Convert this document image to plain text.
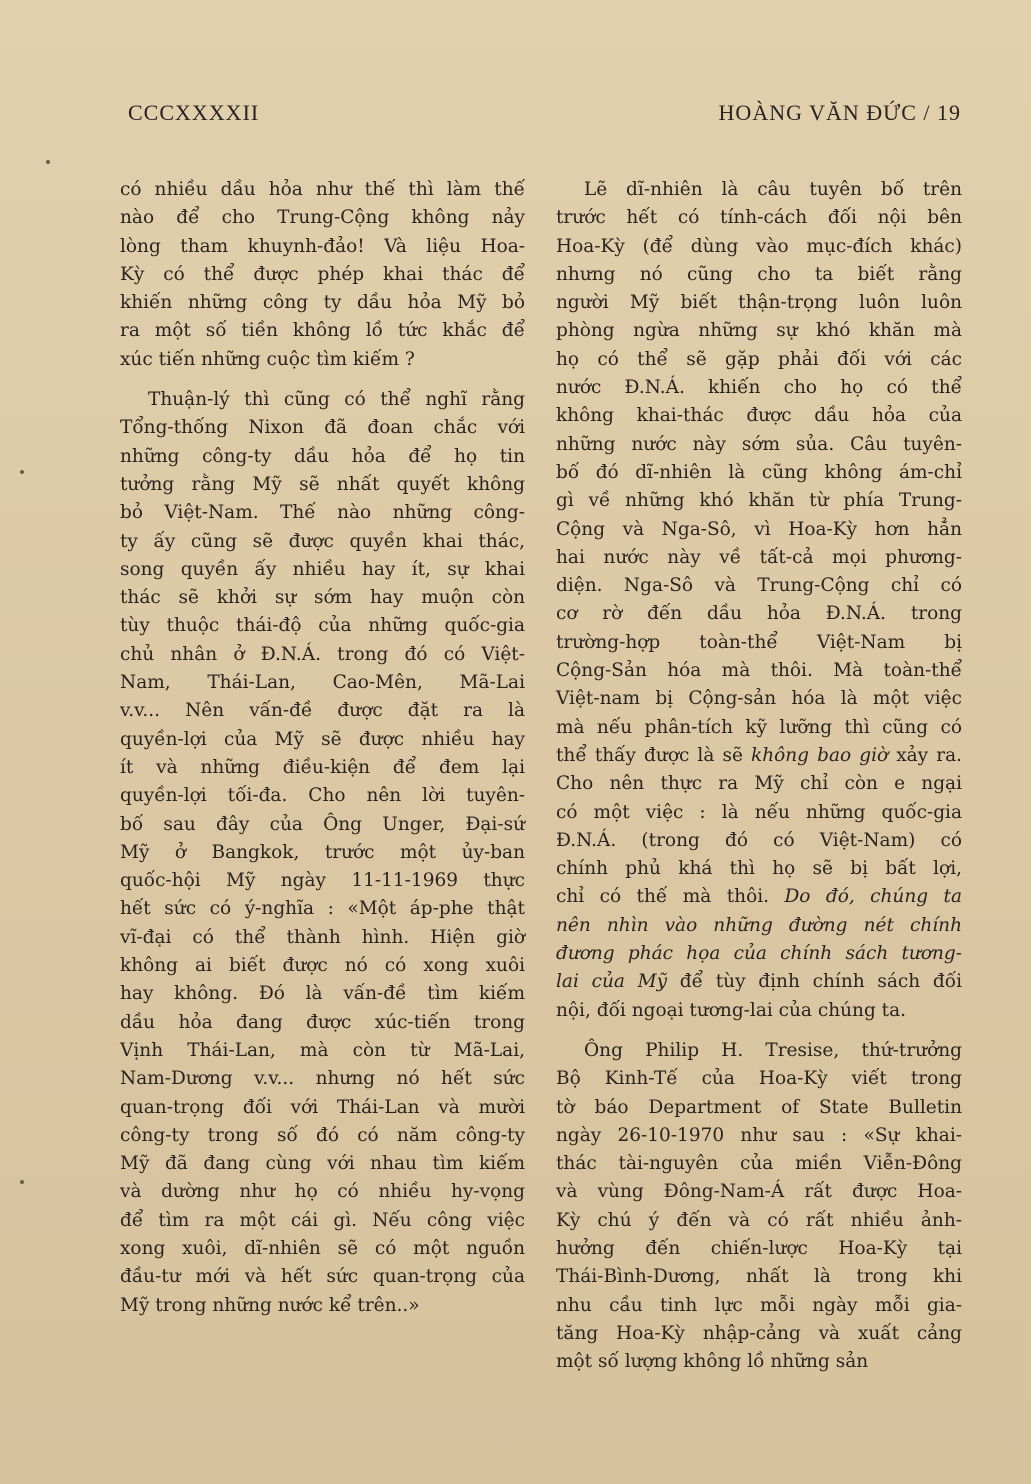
CCCXXXXII	HOÀNG VĂN ĐỨC / 19

có nhiều dầu hỏa như thế thì làm thế
nào để cho Trung-Cộng không nảy
lòng tham khuynh-đảo! Và liệu Hoa-
Kỳ có thể được phép khai thác để
khiến những công ty dầu hỏa Mỹ bỏ
ra một số tiền không lồ tức khắc để
xúc tiến những cuộc tìm kiếm ?

Thuận-lý thì cũng có thể nghĩ rằng
Tổng-thống Nixon đã đoan chắc với
những công-ty dầu hỏa để họ tin
tưởng rằng Mỹ sẽ nhất quyết không
bỏ Việt-Nam. Thế nào những công-
ty ấy cũng sẽ được quyền khai thác,
song quyền ấy nhiều hay ít, sự khai
thác sẽ khởi sự sớm hay muộn còn
tùy thuộc thái-độ của những quốc-gia
chủ nhân ở Đ.N.Á. trong đó có Việt-
Nam, Thái-Lan, Cao-Mên, Mã-Lai
v.v... Nên vấn-đề được đặt ra là
quyền-lợi của Mỹ sẽ được nhiều hay
ít và những điều-kiện để đem lại
quyền-lợi tối-đa. Cho nên lời tuyên-
bố sau đây của Ông Unger, Đại-sứ
Mỹ ở Bangkok, trước một ủy-ban
quốc-hội Mỹ ngày 11-11-1969 thực
hết sức có ý-nghĩa : «Một áp-phe thật
vĩ-đại có thể thành hình. Hiện giờ
không ai biết được nó có xong xuôi
hay không. Đó là vấn-đề tìm kiếm
dầu hỏa đang được xúc-tiến trong
Vịnh Thái-Lan, mà còn từ Mã-Lai,
Nam-Dương v.v... nhưng nó hết sức
quan-trọng đối với Thái-Lan và mười
công-ty trong số đó có năm công-ty
Mỹ đã đang cùng với nhau tìm kiếm
và dường như họ có nhiều hy-vọng
để tìm ra một cái gì. Nếu công việc
xong xuôi, dĩ-nhiên sẽ có một nguồn
đầu-tư mới và hết sức quan-trọng của
Mỹ trong những nước kể trên..»

Lẽ dĩ-nhiên là câu tuyên bố trên
trước hết có tính-cách đối nội bên
Hoa-Kỳ (để dùng vào mục-đích khác)
nhưng nó cũng cho ta biết rằng
người Mỹ biết thận-trọng luôn luôn
phòng ngừa những sự khó khăn mà
họ có thể sẽ gặp phải đối với các
nước Đ.N.Á. khiến cho họ có thể
không khai-thác được dầu hỏa của
những nước này sớm sủa. Câu tuyên-
bố đó dĩ-nhiên là cũng không ám-chỉ
gì về những khó khăn từ phía Trung-
Cộng và Nga-Sô, vì Hoa-Kỳ hơn hẳn
hai nước này về tất-cả mọi phương-
diện. Nga-Sô và Trung-Cộng chỉ có
cơ rờ đến dầu hỏa Đ.N.Á. trong
trường-hợp toàn-thể Việt-Nam bị
Cộng-Sản hóa mà thôi. Mà toàn-thể
Việt-nam bị Cộng-sản hóa là một việc
mà nếu phân-tích kỹ lưỡng thì cũng có
thể thấy được là sẽ không bao giờ xảy ra.
Cho nên thực ra Mỹ chỉ còn e ngại
có một việc : là nếu những quốc-gia
Đ.N.Á. (trong đó có Việt-Nam) có
chính phủ khá thì họ sẽ bị bất lợi,
chỉ có thế mà thôi. Do đó, chúng ta
nên nhìn vào những đường nét chính
đương phác họa của chính sách tương-
lai của Mỹ để tùy định chính sách đối
nội, đối ngoại tương-lai của chúng ta.

Ông Philip H. Tresise, thứ-trưởng
Bộ Kinh-Tế của Hoa-Kỳ viết trong
tờ báo Department of State Bulletin
ngày 26-10-1970 như sau : «Sự khai-
thác tài-nguyên của miền Viễn-Đông
và vùng Đông-Nam-Á rất được Hoa-
Kỳ chú ý đến và có rất nhiều ảnh-
hưởng đến chiến-lược Hoa-Kỳ tại
Thái-Bình-Dương, nhất là trong khi
nhu cầu tinh lực mỗi ngày mỗi gia-
tăng Hoa-Kỳ nhập-cảng và xuất cảng
một số lượng không lồ những sản
